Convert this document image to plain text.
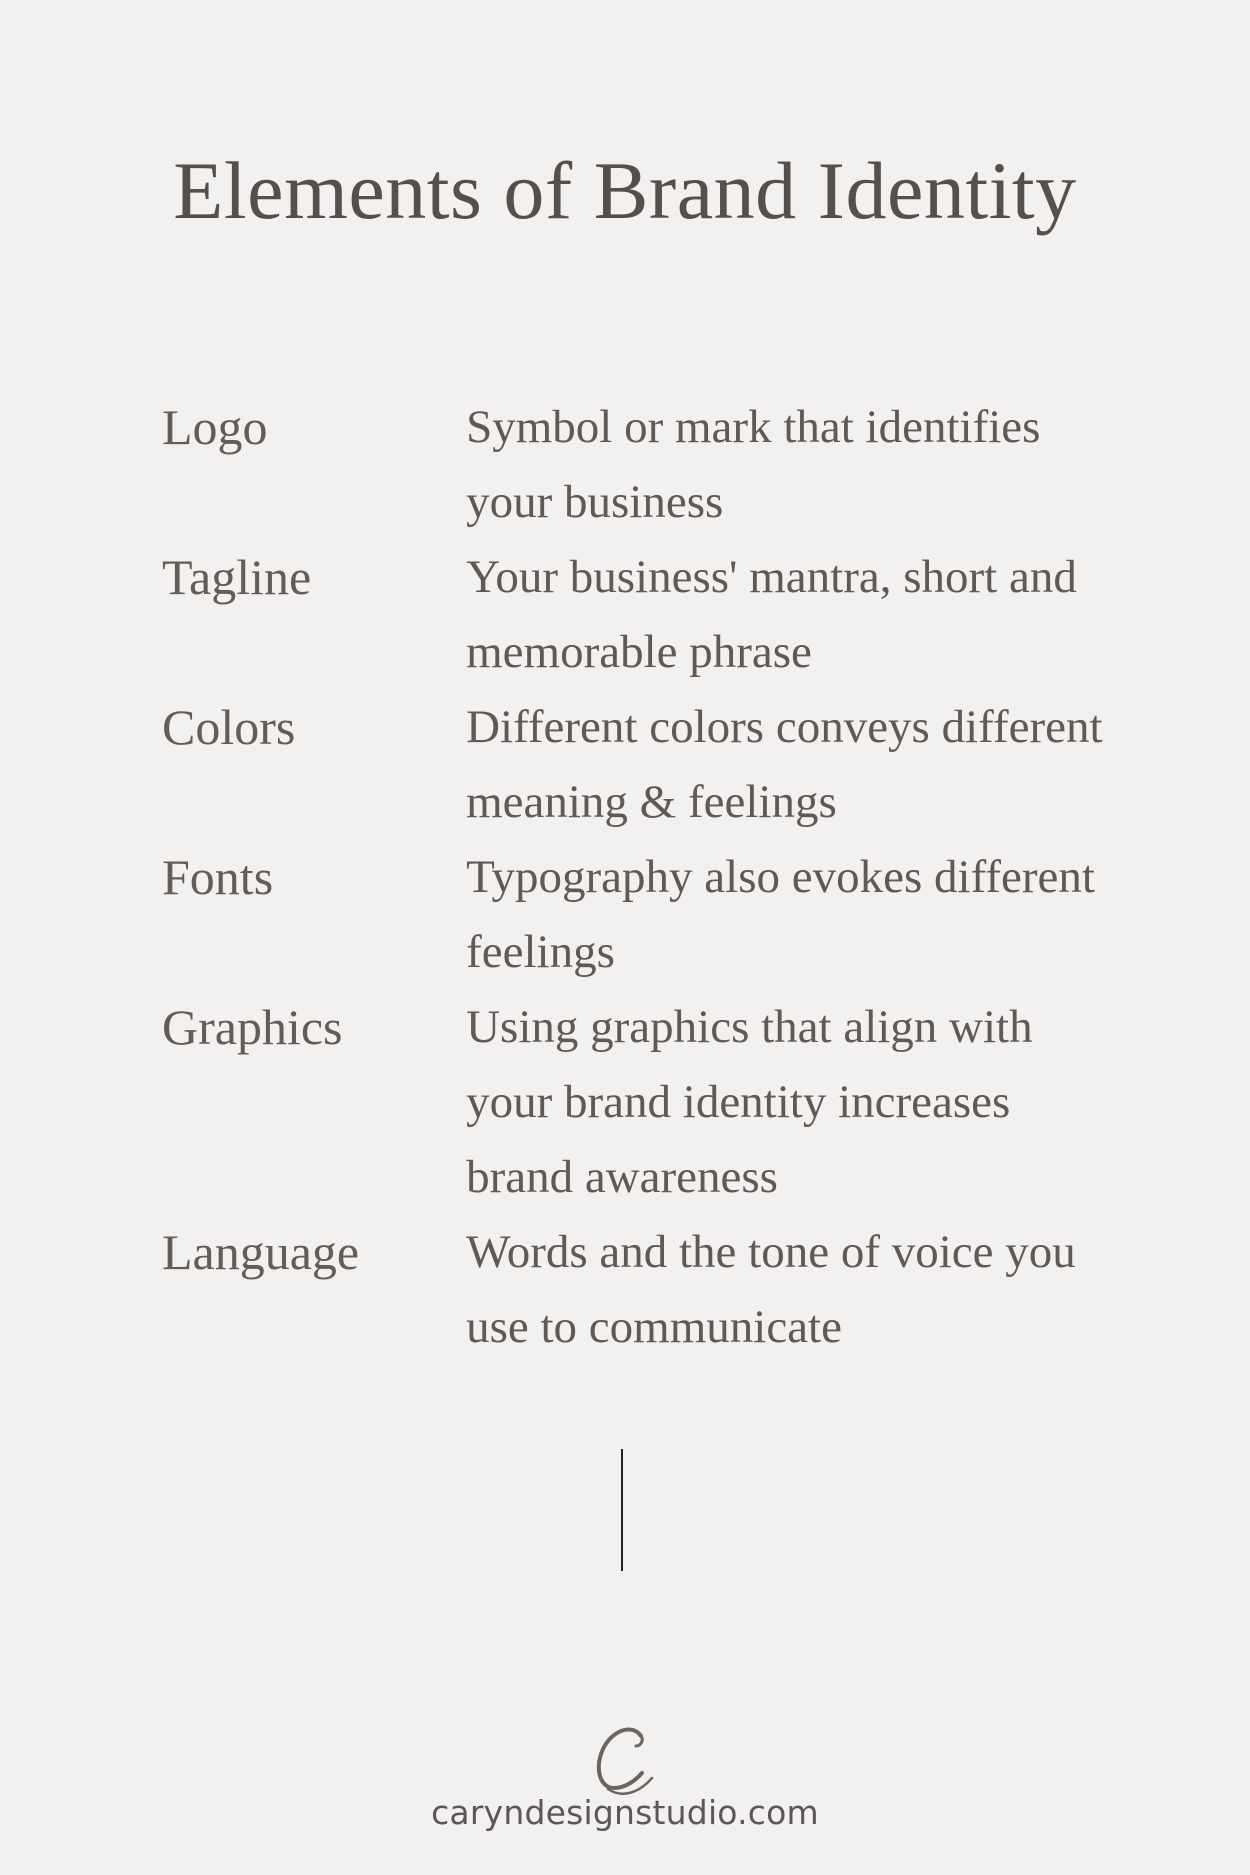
Elements of Brand Identity
Logo	Symbol or mark that identifies your business
Tagline	Your business' mantra, short and memorable phrase
Colors	Different colors conveys different meaning & feelings
Fonts	Typography also evokes different feelings
Graphics	Using graphics that align with your brand identity increases brand awareness
Language	Words and the tone of voice you use to communicate
caryndesignstudio.com
